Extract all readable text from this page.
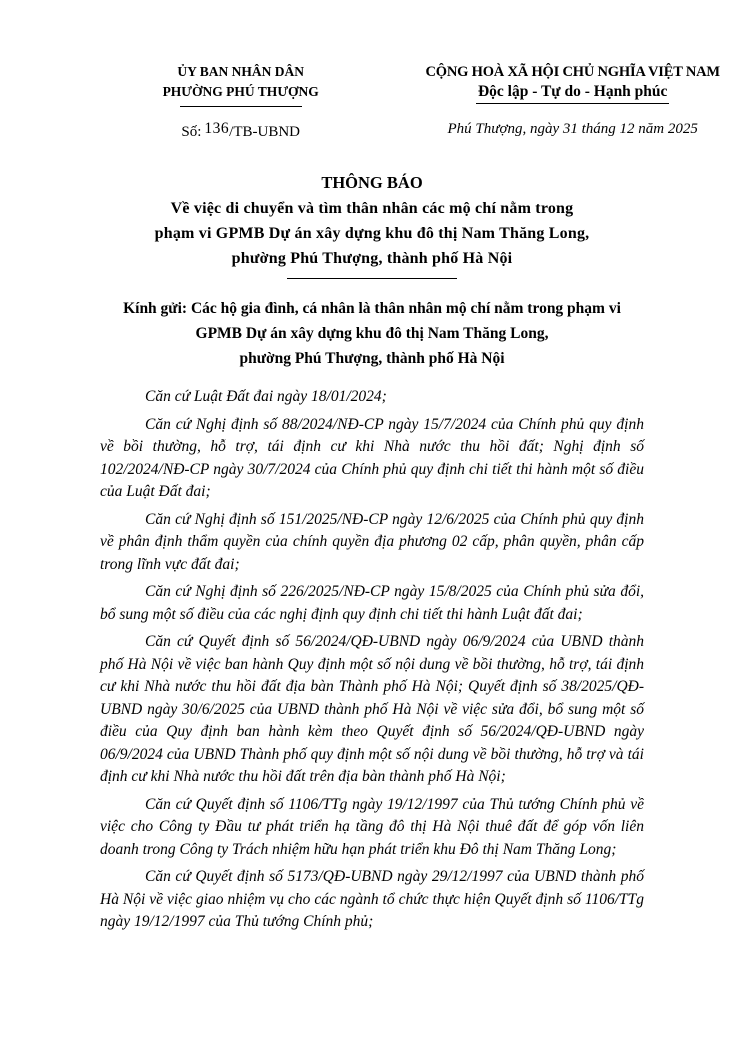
ỦY BAN NHÂN DÂN
PHƯỜNG PHÚ THƯỢNG
Số: 136/TB-UBND
CỘNG HOÀ XÃ HỘI CHỦ NGHĨA VIỆT NAM
Độc lập - Tự do - Hạnh phúc
Phú Thượng, ngày 31 tháng 12 năm 2025
THÔNG BÁO
Về việc di chuyển và tìm thân nhân các mộ chí nằm trong
phạm vi GPMB Dự án xây dựng khu đô thị Nam Thăng Long,
phường Phú Thượng, thành phố Hà Nội
Kính gửi: Các hộ gia đình, cá nhân là thân nhân mộ chí nằm trong phạm vi
GPMB Dự án xây dựng khu đô thị Nam Thăng Long,
phường Phú Thượng, thành phố Hà Nội

Căn cứ Luật Đất đai ngày 18/01/2024;

Căn cứ Nghị định số 88/2024/NĐ-CP ngày 15/7/2024 của Chính phủ quy định về bồi thường, hỗ trợ, tái định cư khi Nhà nước thu hồi đất; Nghị định số 102/2024/NĐ-CP ngày 30/7/2024 của Chính phủ quy định chi tiết thi hành một số điều của Luật Đất đai;

Căn cứ Nghị định số 151/2025/NĐ-CP ngày 12/6/2025 của Chính phủ quy định về phân định thẩm quyền của chính quyền địa phương 02 cấp, phân quyền, phân cấp trong lĩnh vực đất đai;

Căn cứ Nghị định số 226/2025/NĐ-CP ngày 15/8/2025 của Chính phủ sửa đổi, bổ sung một số điều của các nghị định quy định chi tiết thi hành Luật đất đai;

Căn cứ Quyết định số 56/2024/QĐ-UBND ngày 06/9/2024 của UBND thành phố Hà Nội về việc ban hành Quy định một số nội dung về bồi thường, hỗ trợ, tái định cư khi Nhà nước thu hồi đất địa bàn Thành phố Hà Nội; Quyết định số 38/2025/QĐ-UBND ngày 30/6/2025 của UBND thành phố Hà Nội về việc sửa đổi, bổ sung một số điều của Quy định ban hành kèm theo Quyết định số 56/2024/QĐ-UBND ngày 06/9/2024 của UBND Thành phố quy định một số nội dung về bồi thường, hỗ trợ và tái định cư khi Nhà nước thu hồi đất trên địa bàn thành phố Hà Nội;

Căn cứ Quyết định số 1106/TTg ngày 19/12/1997 của Thủ tướng Chính phủ về việc cho Công ty Đầu tư phát triển hạ tầng đô thị Hà Nội thuê đất để góp vốn liên doanh trong Công ty Trách nhiệm hữu hạn phát triển khu Đô thị Nam Thăng Long;

Căn cứ Quyết định số 5173/QĐ-UBND ngày 29/12/1997 của UBND thành phố Hà Nội về việc giao nhiệm vụ cho các ngành tổ chức thực hiện Quyết định số 1106/TTg ngày 19/12/1997 của Thủ tướng Chính phủ;
